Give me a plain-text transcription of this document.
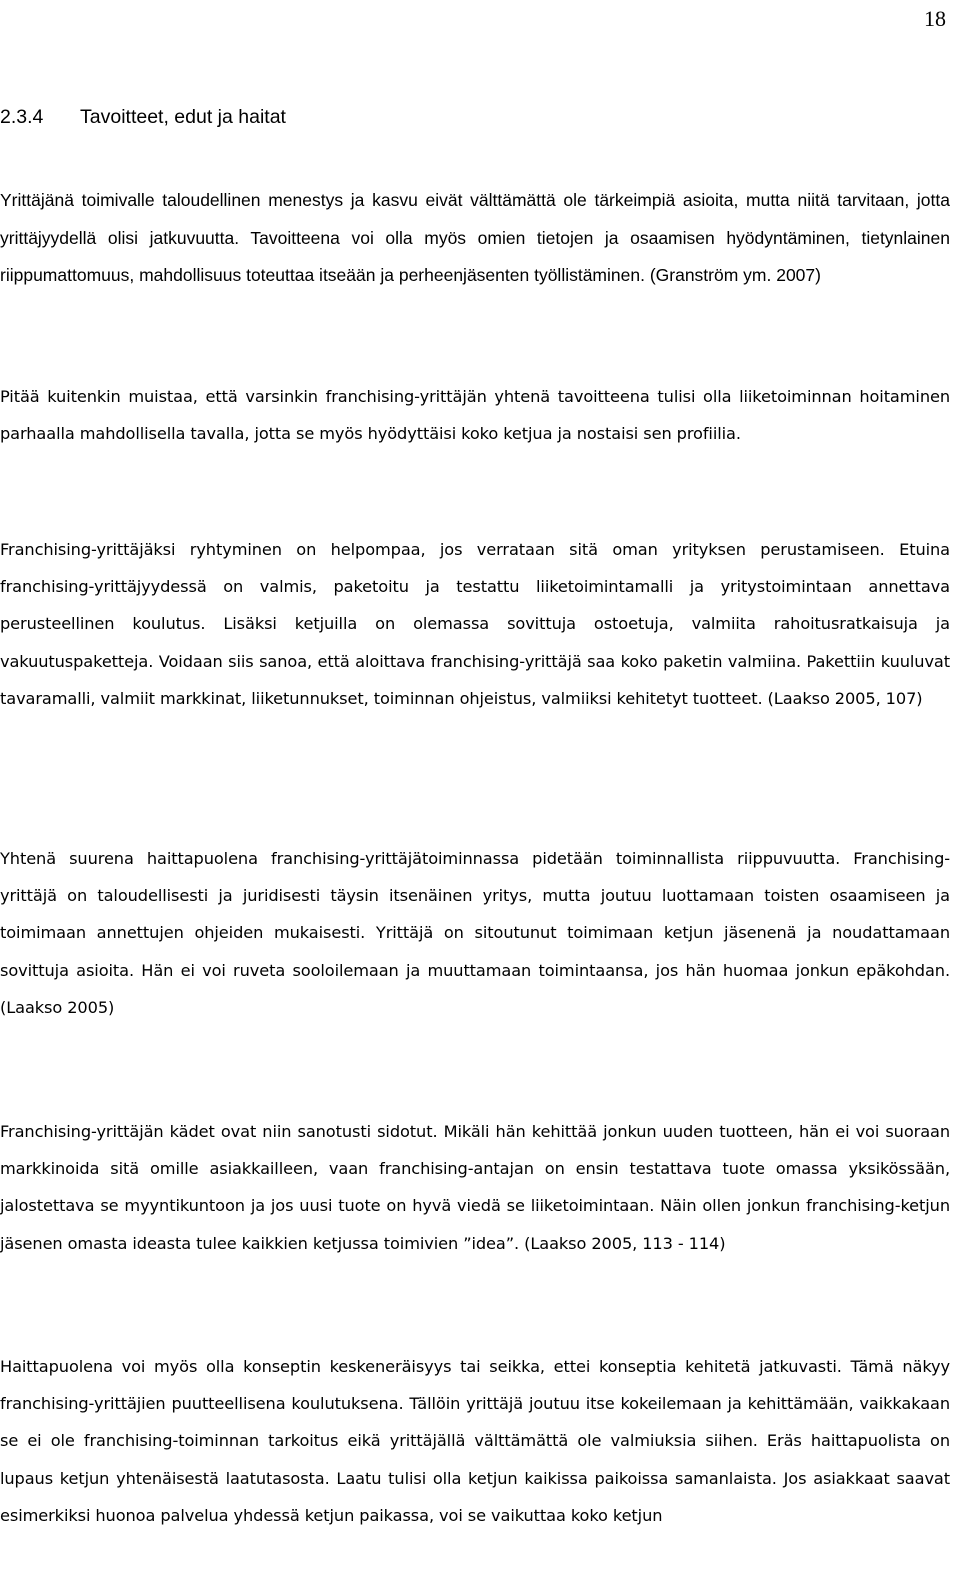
18
2.3.4 Tavoitteet, edut ja haitat
Yrittäjänä toimivalle taloudellinen menestys ja kasvu eivät välttämättä ole tärkeimpiä asioita, mutta niitä tarvitaan, jotta yrittäjyydellä olisi jatkuvuutta. Tavoitteena voi olla myös omien tietojen ja osaamisen hyödyntäminen, tietynlainen riippumattomuus, mahdollisuus toteuttaa itseään ja perheenjäsenten työllistäminen. (Granström ym. 2007)
Pitää kuitenkin muistaa, että varsinkin franchising-yrittäjän yhtenä tavoitteena tulisi olla liiketoiminnan hoitaminen parhaalla mahdollisella tavalla, jotta se myös hyödyttäisi koko ketjua ja nostaisi sen profiilia.
Franchising-yrittäjäksi ryhtyminen on helpompaa, jos verrataan sitä oman yrityksen perustamiseen. Etuina franchising-yrittäjyydessä on valmis, paketoitu ja testattu liiketoimintamalli ja yritystoimintaan annettava perusteellinen koulutus. Lisäksi ketjuilla on olemassa sovittuja ostoetuja, valmiita rahoitusratkaisuja ja vakuutuspaketteja. Voidaan siis sanoa, että aloittava franchising-yrittäjä saa koko paketin valmiina. Pakettiin kuuluvat tavaramalli, valmiit markkinat, liiketunnukset, toiminnan ohjeistus, valmiiksi kehitetyt tuotteet. (Laakso 2005, 107)
Yhtenä suurena haittapuolena franchising-yrittäjätoiminnassa pidetään toiminnallista riippuvuutta. Franchising-yrittäjä on taloudellisesti ja juridisesti täysin itsenäinen yritys, mutta joutuu luottamaan toisten osaamiseen ja toimimaan annettujen ohjeiden mukaisesti. Yrittäjä on sitoutunut toimimaan ketjun jäsenenä ja noudattamaan sovittuja asioita. Hän ei voi ruveta sooloilemaan ja muuttamaan toimintaansa, jos hän huomaa jonkun epäkohdan. (Laakso 2005)
Franchising-yrittäjän kädet ovat niin sanotusti sidotut. Mikäli hän kehittää jonkun uuden tuotteen, hän ei voi suoraan markkinoida sitä omille asiakkailleen, vaan franchising-antajan on ensin testattava tuote omassa yksikössään, jalostettava se myyntikuntoon ja jos uusi tuote on hyvä viedä se liiketoimintaan. Näin ollen jonkun franchising-ketjun jäsenen omasta ideasta tulee kaikkien ketjussa toimivien ”idea”. (Laakso 2005, 113 - 114)
Haittapuolena voi myös olla konseptin keskeneräisyys tai seikka, ettei konseptia kehitetä jatkuvasti. Tämä näkyy franchising-yrittäjien puutteellisena koulutuksena. Tällöin yrittäjä joutuu itse kokeilemaan ja kehittämään, vaikkakaan se ei ole franchising-toiminnan tarkoitus eikä yrittäjällä välttämättä ole valmiuksia siihen. Eräs haittapuolista on lupaus ketjun yhtenäisestä laatutasosta. Laatu tulisi olla ketjun kaikissa paikoissa samanlaista. Jos asiakkaat saavat esimerkiksi huonoa palvelua yhdessä ketjun paikassa, voi se vaikuttaa koko ketjun
